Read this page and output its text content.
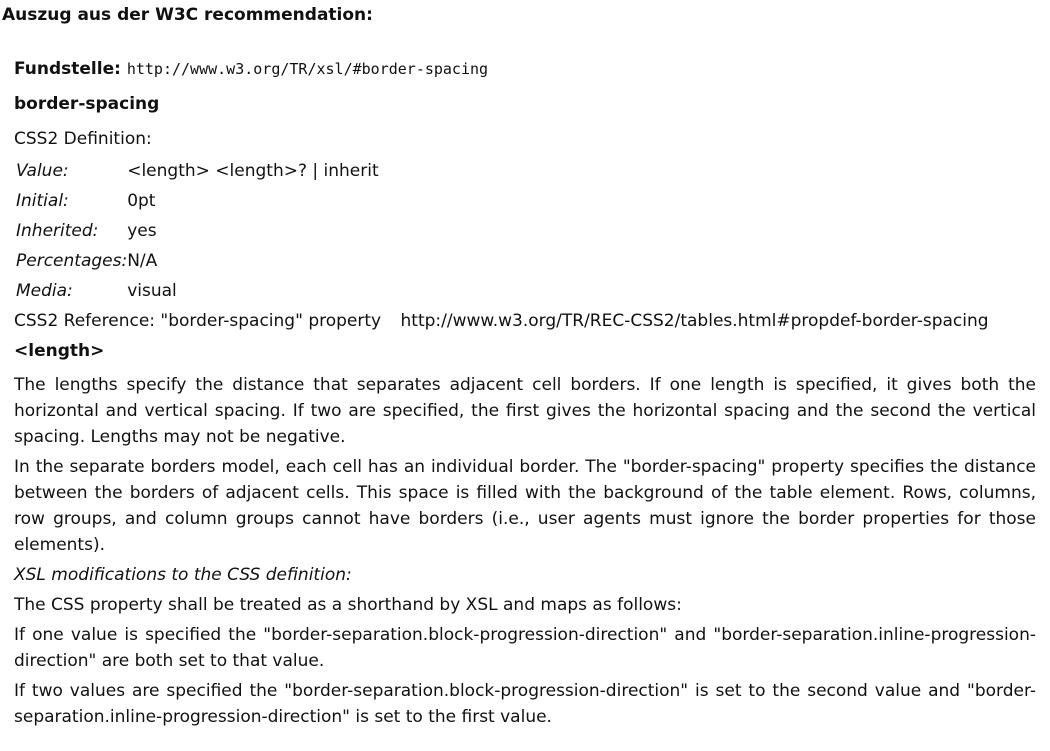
Auszug aus der W3C recommendation:
Fundstelle: http://www.w3.org/TR/xsl/#border-spacing
border-spacing
CSS2 Definition:
Value:	<length> <length>? | inherit
Initial:	0pt
Inherited:	yes
Percentages:	N/A
Media:	visual
CSS2 Reference: "border-spacing" property http://www.w3.org/TR/REC-CSS2/tables.html#propdef-border-spacing
<length>

The lengths specify the distance that separates adjacent cell borders. If one length is specified, it gives both the horizontal and vertical spacing. If two are specified, the first gives the horizontal spacing and the second the vertical spacing. Lengths may not be negative.

In the separate borders model, each cell has an individual border. The "border-spacing" property specifies the distance between the borders of adjacent cells. This space is filled with the background of the table element. Rows, columns, row groups, and column groups cannot have borders (i.e., user agents must ignore the border properties for those elements).

XSL modifications to the CSS definition:

The CSS property shall be treated as a shorthand by XSL and maps as follows:

If one value is specified the "border-separation.block-progression-direction" and "border-separation.inline-progression-direction" are both set to that value.

If two values are specified the "border-separation.block-progression-direction" is set to the second value and "border-separation.inline-progression-direction" is set to the first value.
